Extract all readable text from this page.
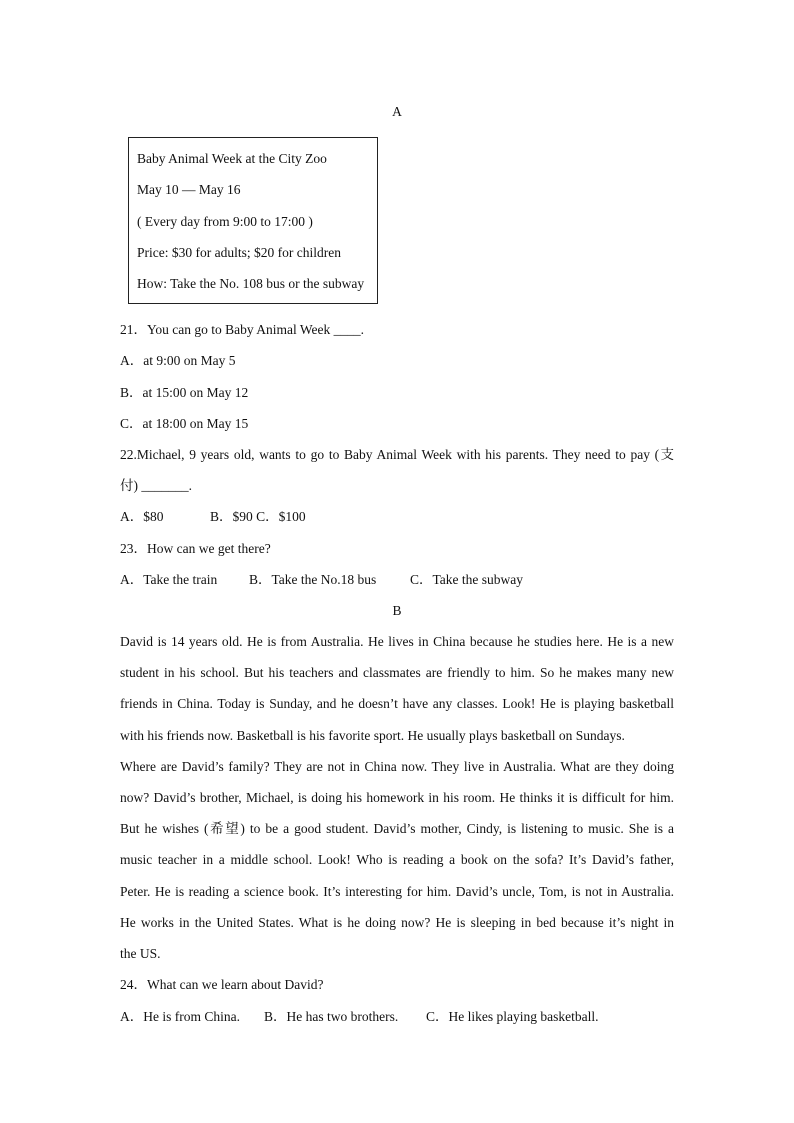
A
Baby Animal Week at the City Zoo
May 10 — May 16
( Every day from 9:00 to 17:00 )
Price: $30 for adults; $20 for children
How: Take the No. 108 bus or the subway
21．You can go to Baby Animal Week ____.
A．at 9:00 on May 5
B．at 15:00 on May 12
C．at 18:00 on May 15
22.Michael, 9 years old, wants to go to Baby Animal Week with his parents. They need to pay (支
付) _______.
A．$80	B．$90 C．$100
23．How can we get there?
A．Take the train B．Take the No.18 bus C．Take the subway
B
David is 14 years old. He is from Australia. He lives in China because he studies here. He is a new
student in his school. But his teachers and classmates are friendly to him. So he makes many new
friends in China. Today is Sunday, and he doesn’t have any classes. Look! He is playing basketball
with his friends now. Basketball is his favorite sport. He usually plays basketball on Sundays.
Where are David’s family? They are not in China now. They live in Australia. What are they doing
now? David’s brother, Michael, is doing his homework in his room. He thinks it is difficult for him.
But he wishes (希望) to be a good student. David’s mother, Cindy, is listening to music. She is a
music teacher in a middle school. Look! Who is reading a book on the sofa? It’s David’s father,
Peter. He is reading a science book. It’s interesting for him. David’s uncle, Tom, is not in Australia.
He works in the United States. What is he doing now? He is sleeping in bed because it’s night in
the US.
24．What can we learn about David?
A．He is from China. B．He has two brothers. C．He likes playing basketball.
